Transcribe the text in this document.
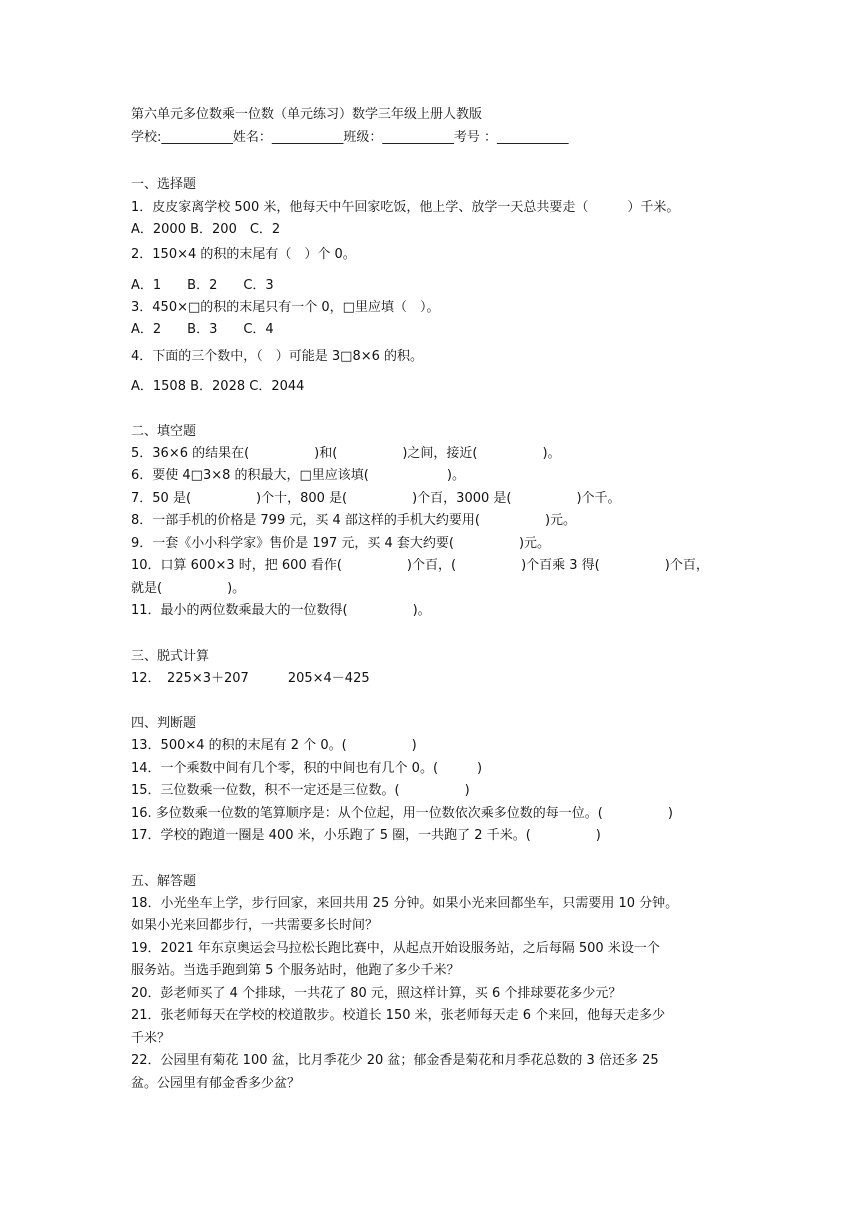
第六单元多位数乘一位数（单元练习）数学三年级上册人教版
学校:___________姓名：___________班级：___________考号 ：___________
一、选择题
1．皮皮家离学校 500 米，他每天中午回家吃饭，他上学、放学一天总共要走（　　　）千米。
A．2000 B．200　C．2
2．150×4 的积的末尾有（　）个 0。
A．1　　B．2　　C．3
3．450×□的积的末尾只有一个 0，□里应填（　）。
A．2　　B．3　　C．4
4．下面的三个数中，（　）可能是 3□8×6 的积。
A．1508 B．2028 C．2044
二、填空题
5．36×6 的结果在(　　　　　)和(　　　　　)之间，接近(　　　　　)。
6．要使 4□3×8 的积最大，□里应该填(　　　　　　)。
7．50 是(　　　　　)个十，800 是(　　　　　)个百，3000 是(　　　　　)个千。
8．一部手机的价格是 799 元，买 4 部这样的手机大约要用(　　　　　)元。
9．一套《小小科学家》售价是 197 元，买 4 套大约要(　　　　　)元。
10．口算 600×3 时，把 600 看作(　　　　　)个百，(　　　　　)个百乘 3 得(　　　　　)个百，
就是(　　　　　)。
11．最小的两位数乘最大的一位数得(　　　　　)。
三、脱式计算
12．　225×3＋207　　　205×4－425
四、判断题
13．500×4 的积的末尾有 2 个 0。(　　　　　)
14．一个乘数中间有几个零，积的中间也有几个 0。(　　　)
15．三位数乘一位数，积不一定还是三位数。(　　　　　)
16. 多位数乘一位数的笔算顺序是：从个位起，用一位数依次乘多位数的每一位。(　　　　　)
17．学校的跑道一圈是 400 米，小乐跑了 5 圈，一共跑了 2 千米。(　　　　　)
五、解答题
18．小光坐车上学，步行回家，来回共用 25 分钟。如果小光来回都坐车，只需要用 10 分钟。
如果小光来回都步行，一共需要多长时间？
19．2021 年东京奥运会马拉松长跑比赛中，从起点开始设服务站，之后每隔 500 米设一个
服务站。当选手跑到第 5 个服务站时，他跑了多少千米？
20．彭老师买了 4 个排球，一共花了 80 元，照这样计算，买 6 个排球要花多少元？
21．张老师每天在学校的校道散步。校道长 150 米，张老师每天走 6 个来回，他每天走多少
千米？
22．公园里有菊花 100 盆，比月季花少 20 盆；郁金香是菊花和月季花总数的 3 倍还多 25
盆。公园里有郁金香多少盆？
